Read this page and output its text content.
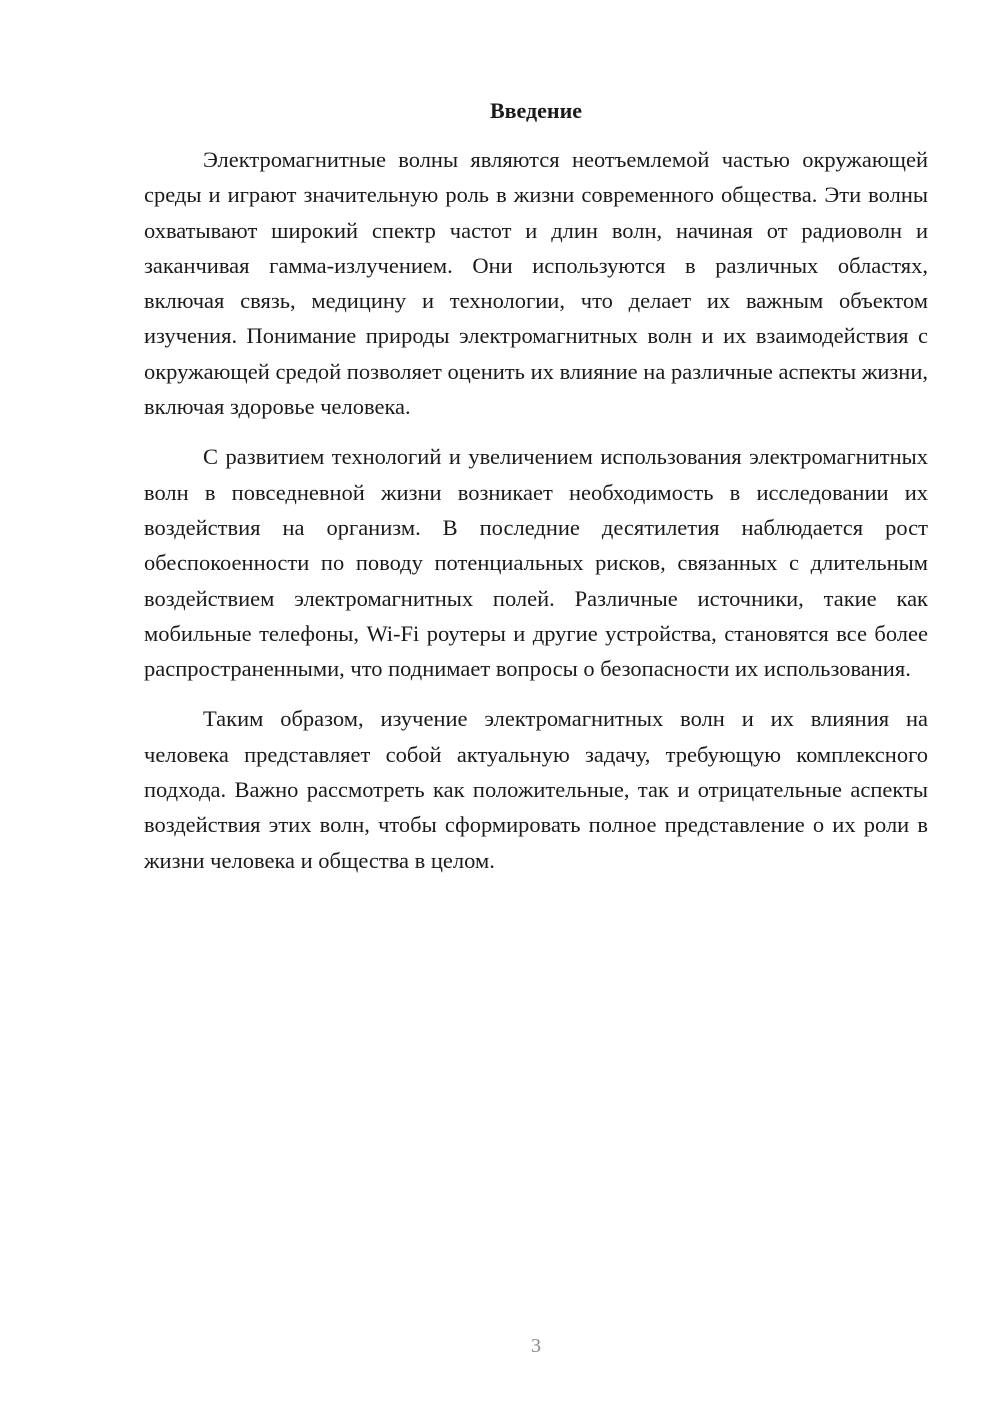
Введение

Электромагнитные волны являются неотъемлемой частью окружающей среды и играют значительную роль в жизни современного общества. Эти волны охватывают широкий спектр частот и длин волн, начиная от радиоволн и заканчивая гамма-излучением. Они используются в различных областях, включая связь, медицину и технологии, что делает их важным объектом изучения. Понимание природы электромагнитных волн и их взаимодействия с окружающей средой позволяет оценить их влияние на различные аспекты жизни, включая здоровье человека.

С развитием технологий и увеличением использования электромагнитных волн в повседневной жизни возникает необходимость в исследовании их воздействия на организм. В последние десятилетия наблюдается рост обеспокоенности по поводу потенциальных рисков, связанных с длительным воздействием электромагнитных полей. Различные источники, такие как мобильные телефоны, Wi-Fi роутеры и другие устройства, становятся все более распространенными, что поднимает вопросы о безопасности их использования.

Таким образом, изучение электромагнитных волн и их влияния на человека представляет собой актуальную задачу, требующую комплексного подхода. Важно рассмотреть как положительные, так и отрицательные аспекты воздействия этих волн, чтобы сформировать полное представление о их роли в жизни человека и общества в целом.

3
